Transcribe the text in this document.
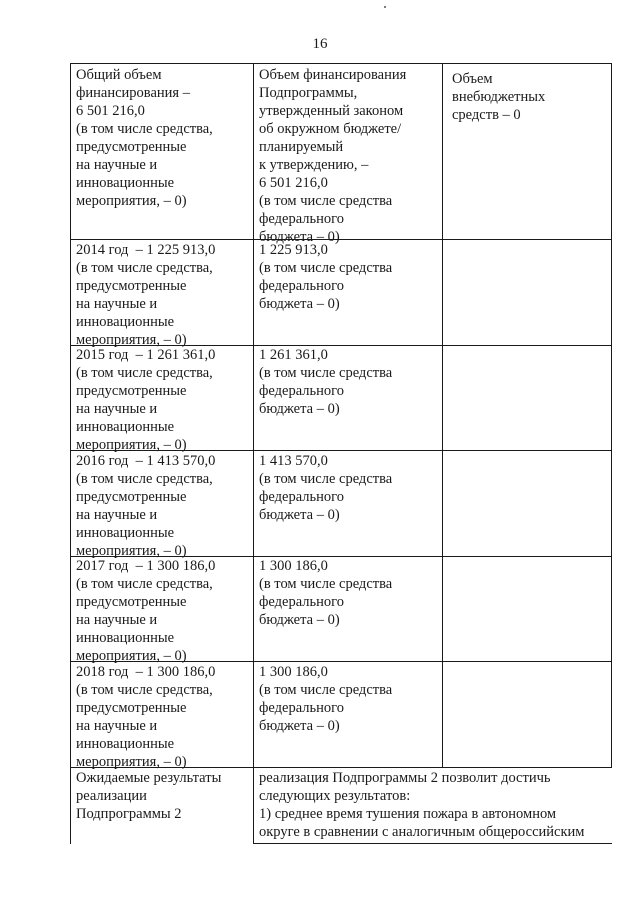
16
Общий объем
финансирования –
6 501 216,0
(в том числе средства,
предусмотренные
на научные и
инновационные
мероприятия, – 0)
Объем финансирования
Подпрограммы,
утвержденный законом
об окружном бюджете/
планируемый
к утверждению, –
6 501 216,0
(в том числе средства
федерального
бюджета – 0)
Объем
внебюджетных
средств – 0
2014 год  – 1 225 913,0
(в том числе средства,
предусмотренные
на научные и
инновационные
мероприятия, – 0)
1 225 913,0
(в том числе средства
федерального
бюджета – 0)
2015 год  – 1 261 361,0
(в том числе средства,
предусмотренные
на научные и
инновационные
мероприятия, – 0)
1 261 361,0
(в том числе средства
федерального
бюджета – 0)
2016 год  – 1 413 570,0
(в том числе средства,
предусмотренные
на научные и
инновационные
мероприятия, – 0)
1 413 570,0
(в том числе средства
федерального
бюджета – 0)
2017 год  – 1 300 186,0
(в том числе средства,
предусмотренные
на научные и
инновационные
мероприятия, – 0)
1 300 186,0
(в том числе средства
федерального
бюджета – 0)
2018 год  – 1 300 186,0
(в том числе средства,
предусмотренные
на научные и
инновационные
мероприятия, – 0)
1 300 186,0
(в том числе средства
федерального
бюджета – 0)
Ожидаемые результаты
реализации
Подпрограммы 2
реализация Подпрограммы 2 позволит достичь
следующих результатов:
1) среднее время тушения пожара в автономном
округе в сравнении с аналогичным общероссийским
